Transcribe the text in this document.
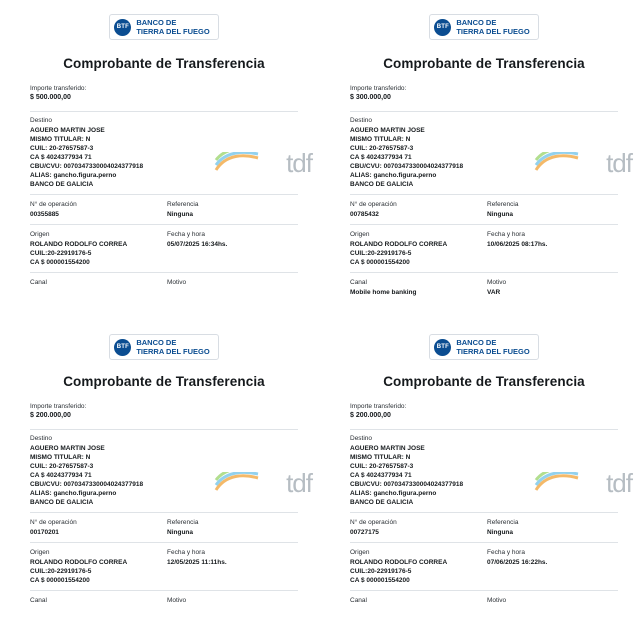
BTF BANCO DE
TIERRA DEL FUEGO
Comprobante de Transferencia
Importe transferido:
$ 500.000,00
Destino
AGUERO MARTIN JOSE
MISMO TITULAR: N
CUIL: 20-27657587-3
CA $ 4024377934 71
CBU/CVU: 0070347330004024377918
ALIAS: gancho.figura.perno
BANCO DE GALICIA
N° de operación
00355885
Referencia
Ninguna
Origen
ROLANDO RODOLFO CORREA
CUIL:20-22919176-5
CA $ 000001554200
Fecha y hora
05/07/2025 16:34hs.
Canal	Motivo
tdf
BTF BANCO DE
TIERRA DEL FUEGO
Comprobante de Transferencia
Importe transferido:
$ 300.000,00
Destino
AGUERO MARTIN JOSE
MISMO TITULAR: N
CUIL: 20-27657587-3
CA $ 4024377934 71
CBU/CVU: 0070347330004024377918
ALIAS: gancho.figura.perno
BANCO DE GALICIA
N° de operación
00785432
Referencia
Ninguna
Origen
ROLANDO RODOLFO CORREA
CUIL:20-22919176-5
CA $ 000001554200
Fecha y hora
10/06/2025 08:17hs.
Canal
Mobile home banking
Motivo
VAR
tdf
BTF BANCO DE
TIERRA DEL FUEGO
Comprobante de Transferencia
Importe transferido:
$ 200.000,00
Destino
AGUERO MARTIN JOSE
MISMO TITULAR: N
CUIL: 20-27657587-3
CA $ 4024377934 71
CBU/CVU: 0070347330004024377918
ALIAS: gancho.figura.perno
BANCO DE GALICIA
N° de operación
00170201
Referencia
Ninguna
Origen
ROLANDO RODOLFO CORREA
CUIL:20-22919176-5
CA $ 000001554200
Fecha y hora
12/05/2025 11:11hs.
Canal	Motivo
tdf
BTF BANCO DE
TIERRA DEL FUEGO
Comprobante de Transferencia
Importe transferido:
$ 200.000,00
Destino
AGUERO MARTIN JOSE
MISMO TITULAR: N
CUIL: 20-27657587-3
CA $ 4024377934 71
CBU/CVU: 0070347330004024377918
ALIAS: gancho.figura.perno
BANCO DE GALICIA
N° de operación
00727175
Referencia
Ninguna
Origen
ROLANDO RODOLFO CORREA
CUIL:20-22919176-5
CA $ 000001554200
Fecha y hora
07/06/2025 16:22hs.
Canal	Motivo
tdf
